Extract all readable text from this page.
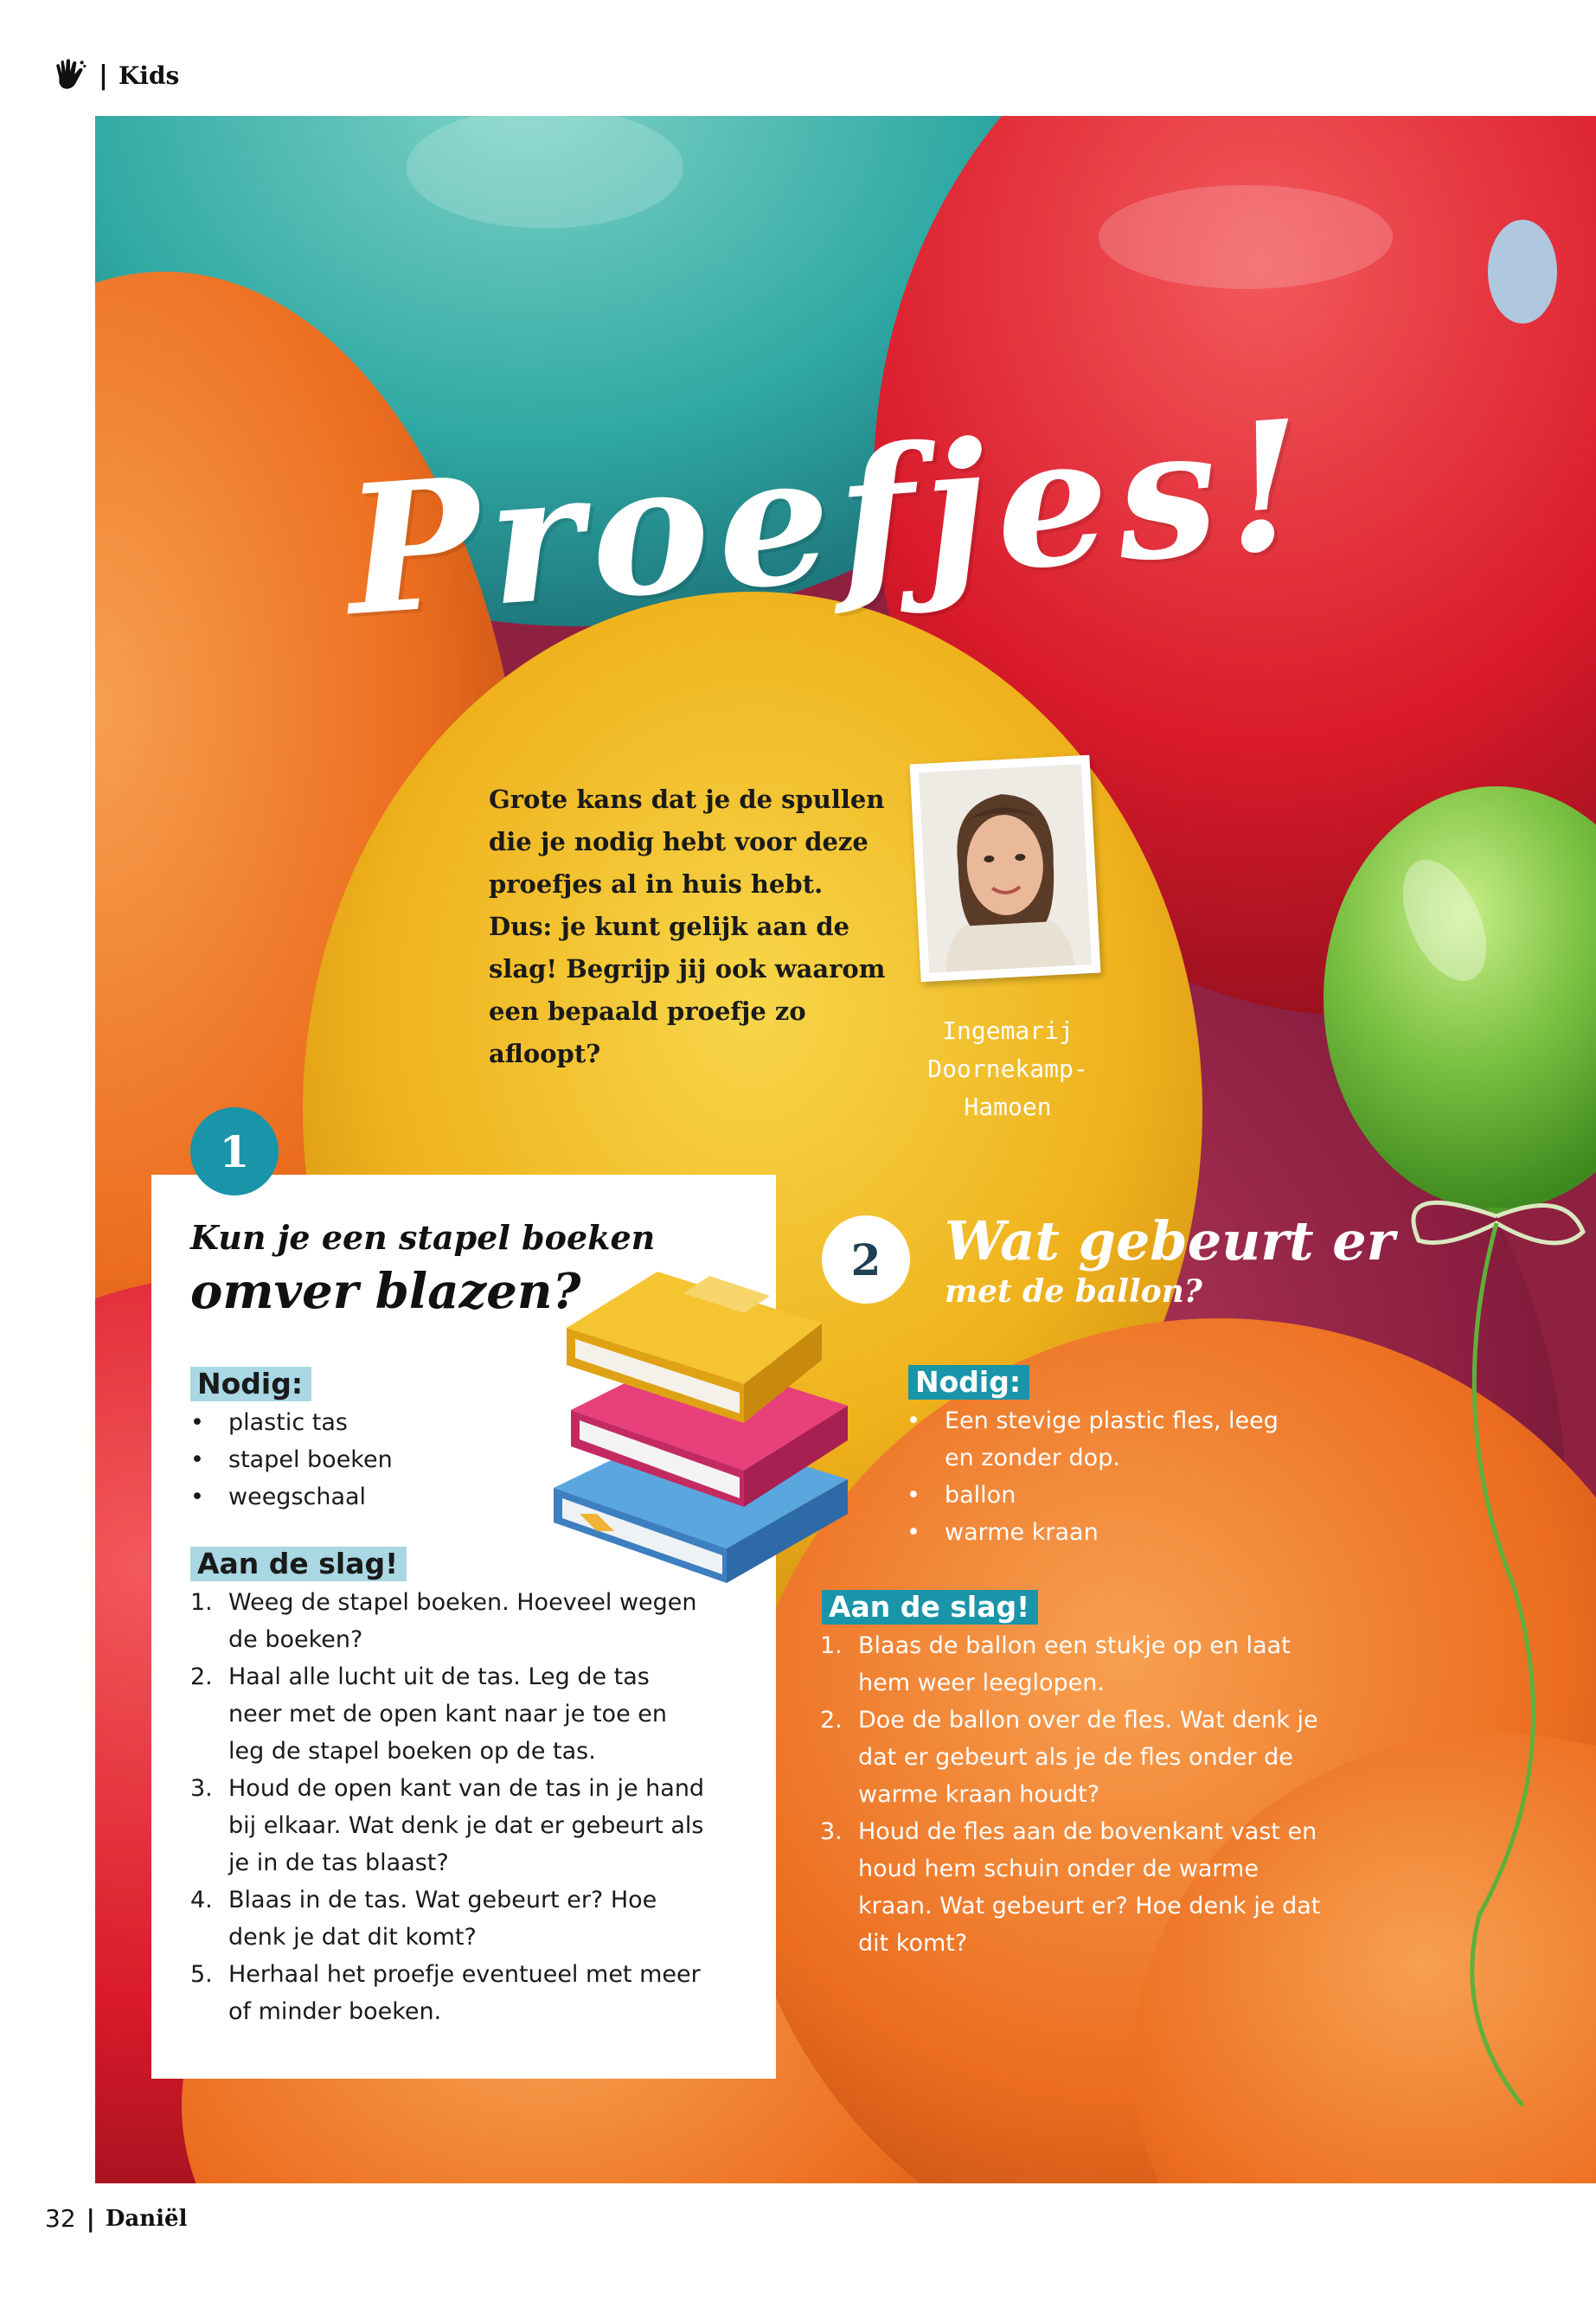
| Kids
Proefjes!
Grote kans dat je de spullen die je nodig hebt voor deze proefjes al in huis hebt. Dus: je kunt gelijk aan de slag! Begrijp jij ook waarom een bepaald proefje zo afloopt?
Ingemarij
Doornekamp-
Hamoen
Kun je een stapel boeken
omver blazen?
Nodig:
•	plastic tas
•	stapel boeken
•	weegschaal
Aan de slag!
1. Weeg de stapel boeken. Hoeveel wegen de boeken?
2. Haal alle lucht uit de tas. Leg de tas neer met de open kant naar je toe en leg de stapel boeken op de tas.
3. Houd de open kant van de tas in je hand bij elkaar. Wat denk je dat er gebeurt als je in de tas blaast?
4. Blaas in de tas. Wat gebeurt er? Hoe denk je dat dit komt?
5. Herhaal het proefje eventueel met meer of minder boeken.
1
2	Wat gebeurt er
met de ballon?
Nodig:
•	Een stevige plastic fles, leeg en zonder dop.
•	ballon
•	warme kraan
Aan de slag!
1. Blaas de ballon een stukje op en laat hem weer leeglopen.
2. Doe de ballon over de fles. Wat denk je dat er gebeurt als je de fles onder de warme kraan houdt?
3. Houd de fles aan de bovenkant vast en houd hem schuin onder de warme kraan. Wat gebeurt er? Hoe denk je dat dit komt?
32 | Daniël
